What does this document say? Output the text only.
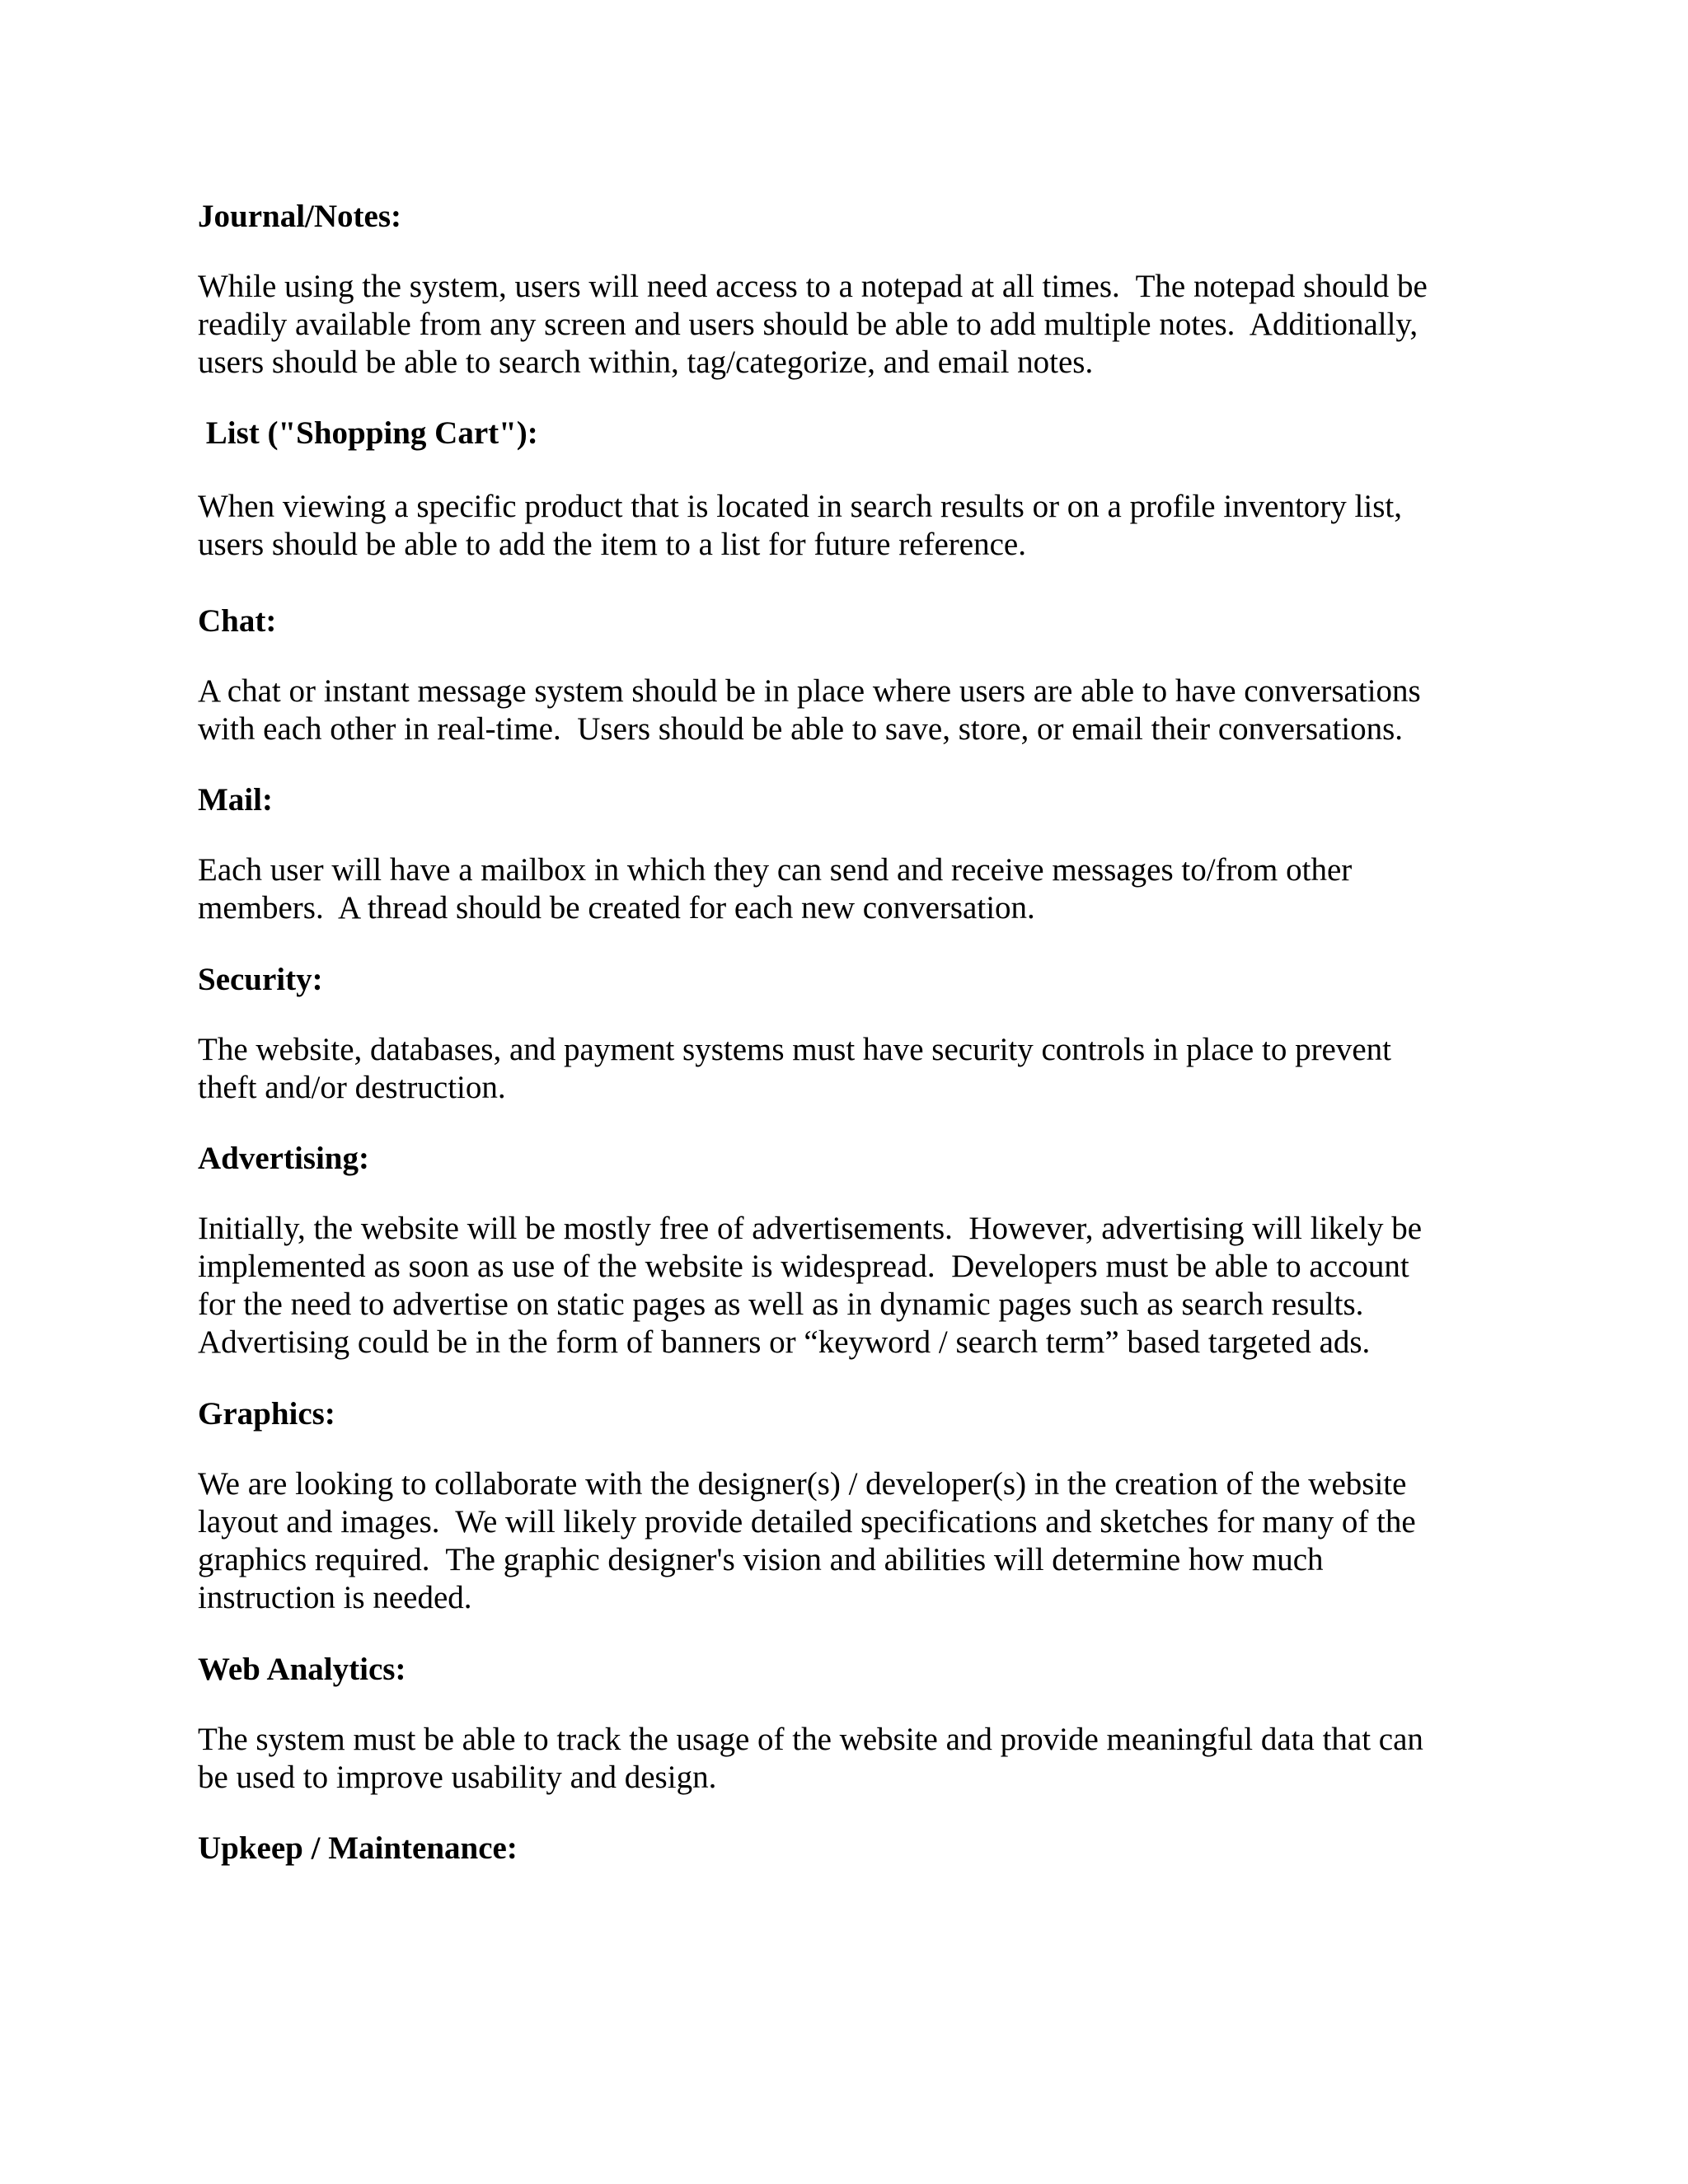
Journal/Notes:
While using the system, users will need access to a notepad at all times.  The notepad should be
readily available from any screen and users should be able to add multiple notes.  Additionally,
users should be able to search within, tag/categorize, and email notes.
List ("Shopping Cart"):
When viewing a specific product that is located in search results or on a profile inventory list,
users should be able to add the item to a list for future reference.
Chat:
A chat or instant message system should be in place where users are able to have conversations
with each other in real-time.  Users should be able to save, store, or email their conversations.
Mail:
Each user will have a mailbox in which they can send and receive messages to/from other
members.  A thread should be created for each new conversation.
Security:
The website, databases, and payment systems must have security controls in place to prevent
theft and/or destruction.
Advertising:
Initially, the website will be mostly free of advertisements.  However, advertising will likely be
implemented as soon as use of the website is widespread.  Developers must be able to account
for the need to advertise on static pages as well as in dynamic pages such as search results.
Advertising could be in the form of banners or “keyword / search term” based targeted ads.
Graphics:
We are looking to collaborate with the designer(s) / developer(s) in the creation of the website
layout and images.  We will likely provide detailed specifications and sketches for many of the
graphics required.  The graphic designer's vision and abilities will determine how much
instruction is needed.
Web Analytics:
The system must be able to track the usage of the website and provide meaningful data that can
be used to improve usability and design.
Upkeep / Maintenance:
